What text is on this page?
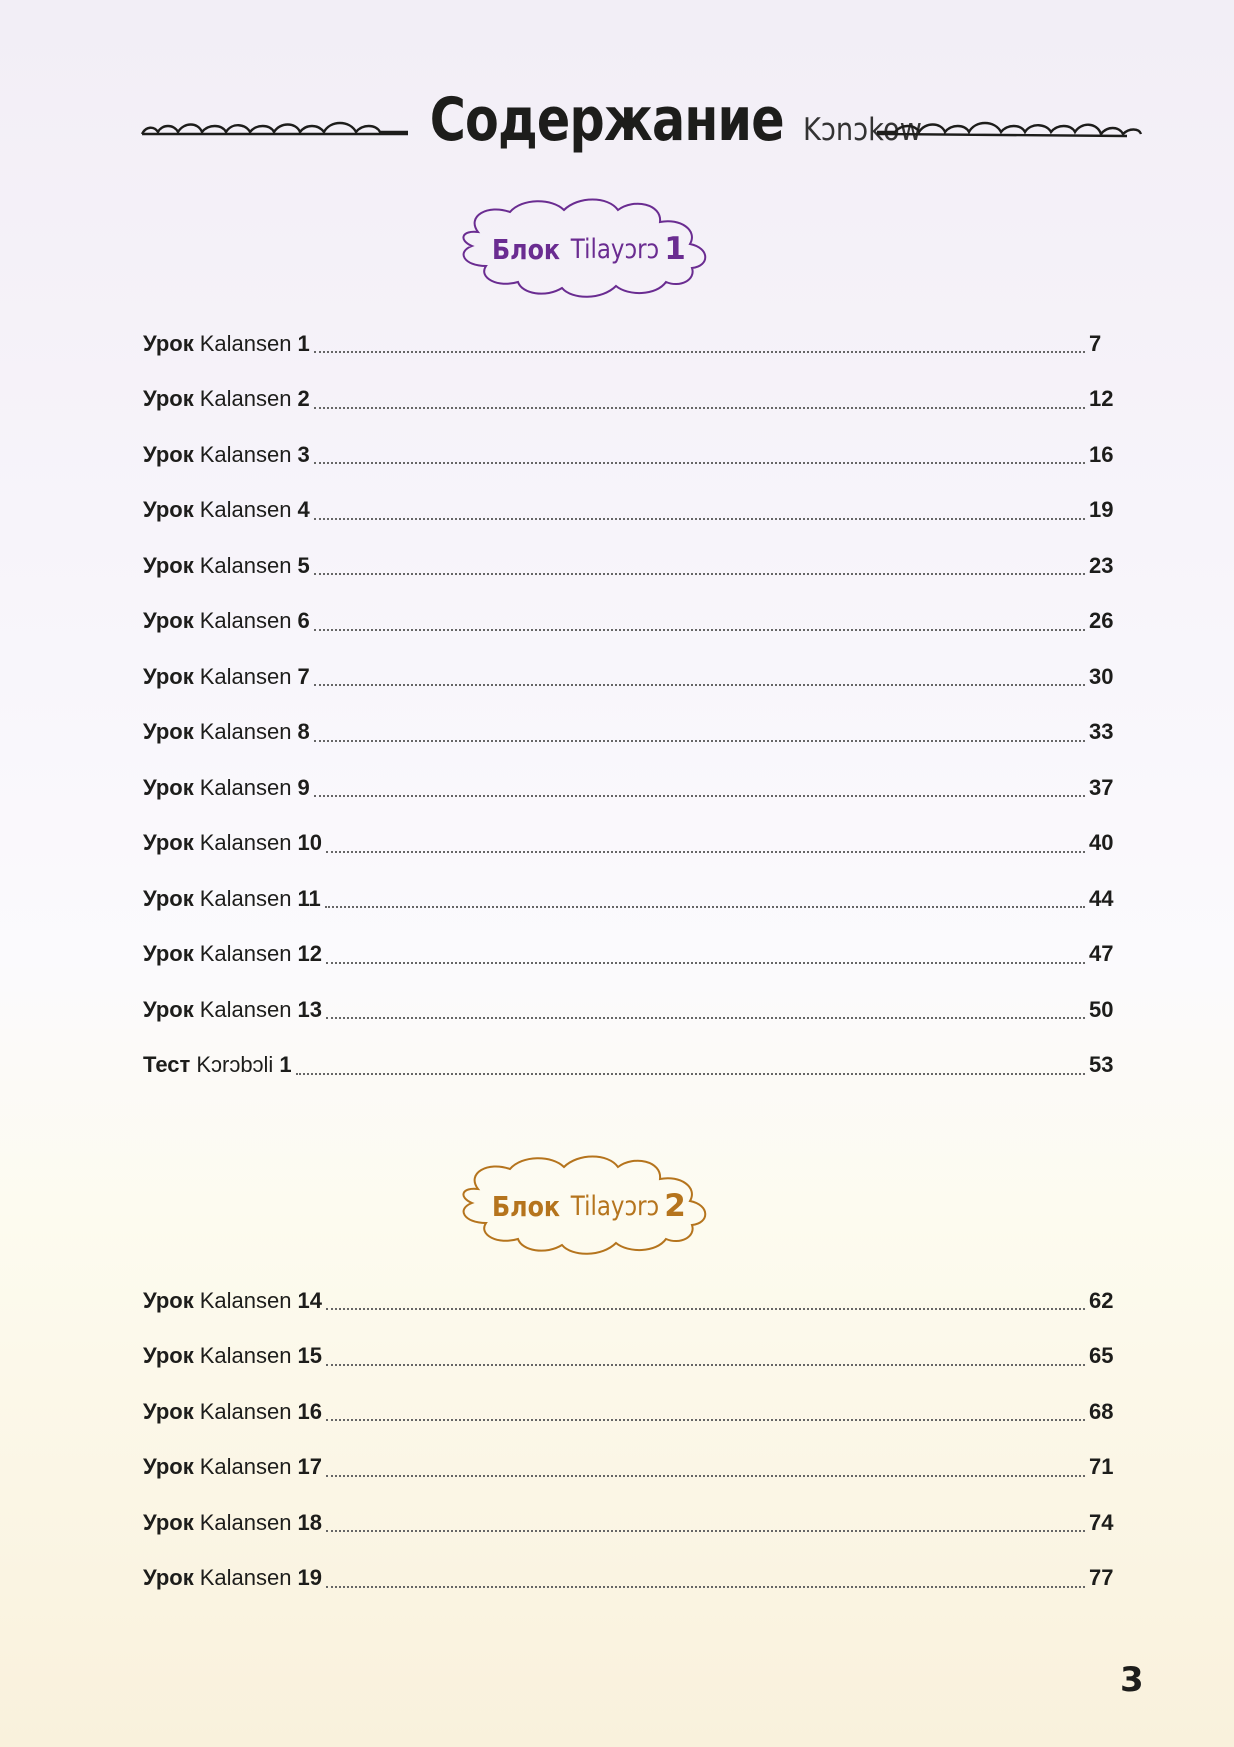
Содержание Kɔnɔkow
Блок Tilayɔrɔ 1
Урок Kalansen 1	7
Урок Kalansen 2	12
Урок Kalansen 3	16
Урок Kalansen 4	19
Урок Kalansen 5	23
Урок Kalansen 6	26
Урок Kalansen 7	30
Урок Kalansen 8	33
Урок Kalansen 9	37
Урок Kalansen 10	40
Урок Kalansen 11	44
Урок Kalansen 12	47
Урок Kalansen 13	50
Тест Kɔrɔbɔli 1	53
Блок Tilayɔrɔ 2
Урок Kalansen 14	62
Урок Kalansen 15	65
Урок Kalansen 16	68
Урок Kalansen 17	71
Урок Kalansen 18	74
Урок Kalansen 19	77
3
